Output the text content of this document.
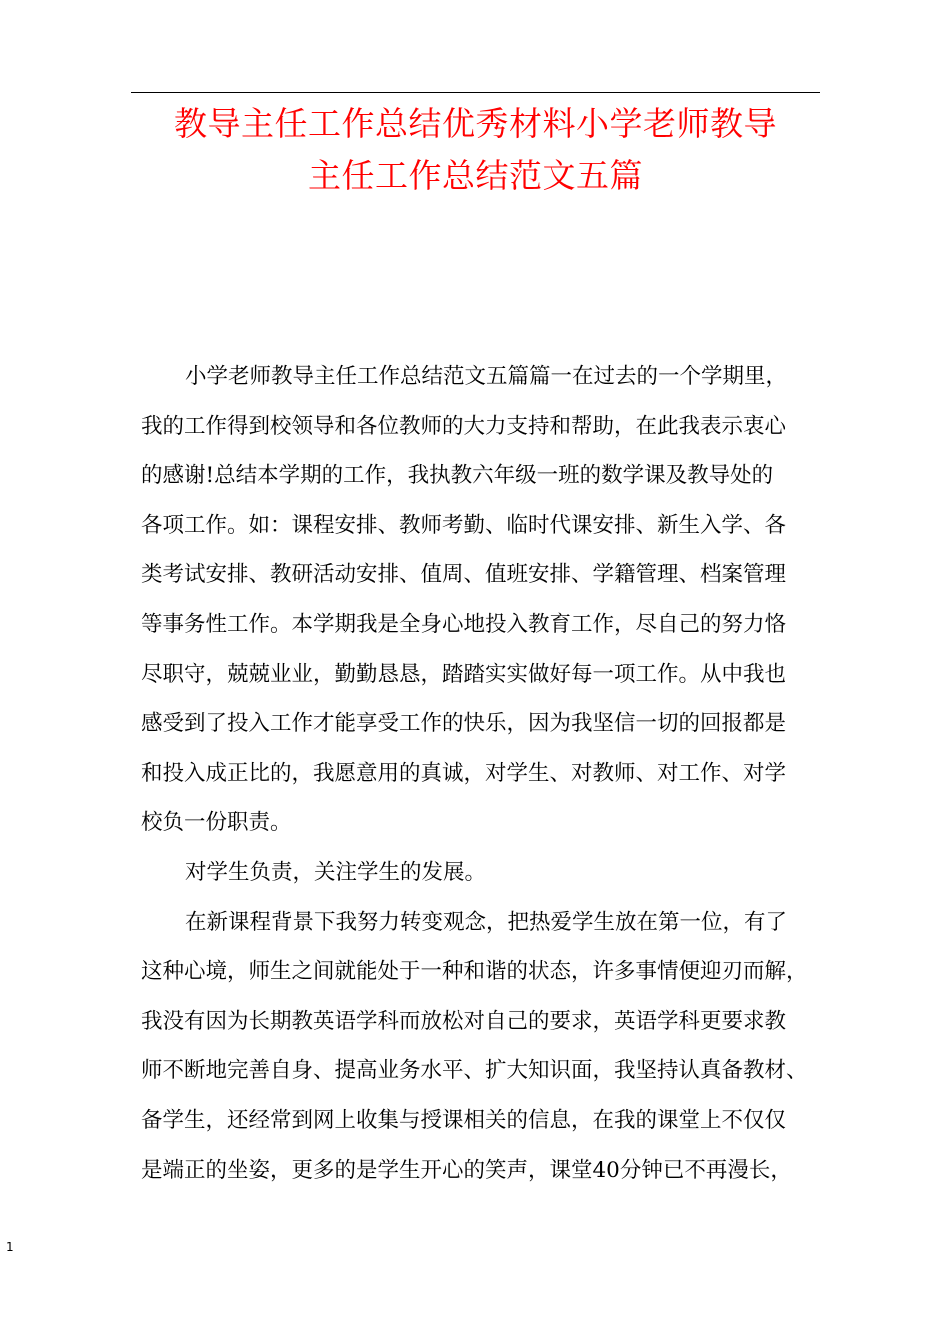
教导主任工作总结优秀材料小学老师教导
主任工作总结范文五篇
小学老师教导主任工作总结范文五篇篇一在过去的一个学期里，
我的工作得到校领导和各位教师的大力支持和帮助，在此我表示衷心
的感谢!总结本学期的工作，我执教六年级一班的数学课及教导处的
各项工作。如：课程安排、教师考勤、临时代课安排、新生入学、各
类考试安排、教研活动安排、值周、值班安排、学籍管理、档案管理
等事务性工作。本学期我是全身心地投入教育工作，尽自己的努力恪
尽职守，兢兢业业，勤勤恳恳，踏踏实实做好每一项工作。从中我也
感受到了投入工作才能享受工作的快乐，因为我坚信一切的回报都是
和投入成正比的，我愿意用的真诚，对学生、对教师、对工作、对学
校负一份职责。
对学生负责，关注学生的发展。
在新课程背景下我努力转变观念，把热爱学生放在第一位，有了
这种心境，师生之间就能处于一种和谐的状态，许多事情便迎刃而解，
我没有因为长期教英语学科而放松对自己的要求，英语学科更要求教
师不断地完善自身、提高业务水平、扩大知识面，我坚持认真备教材、
备学生，还经常到网上收集与授课相关的信息，在我的课堂上不仅仅
是端正的坐姿，更多的是学生开心的笑声，课堂40分钟已不再漫长，
1
